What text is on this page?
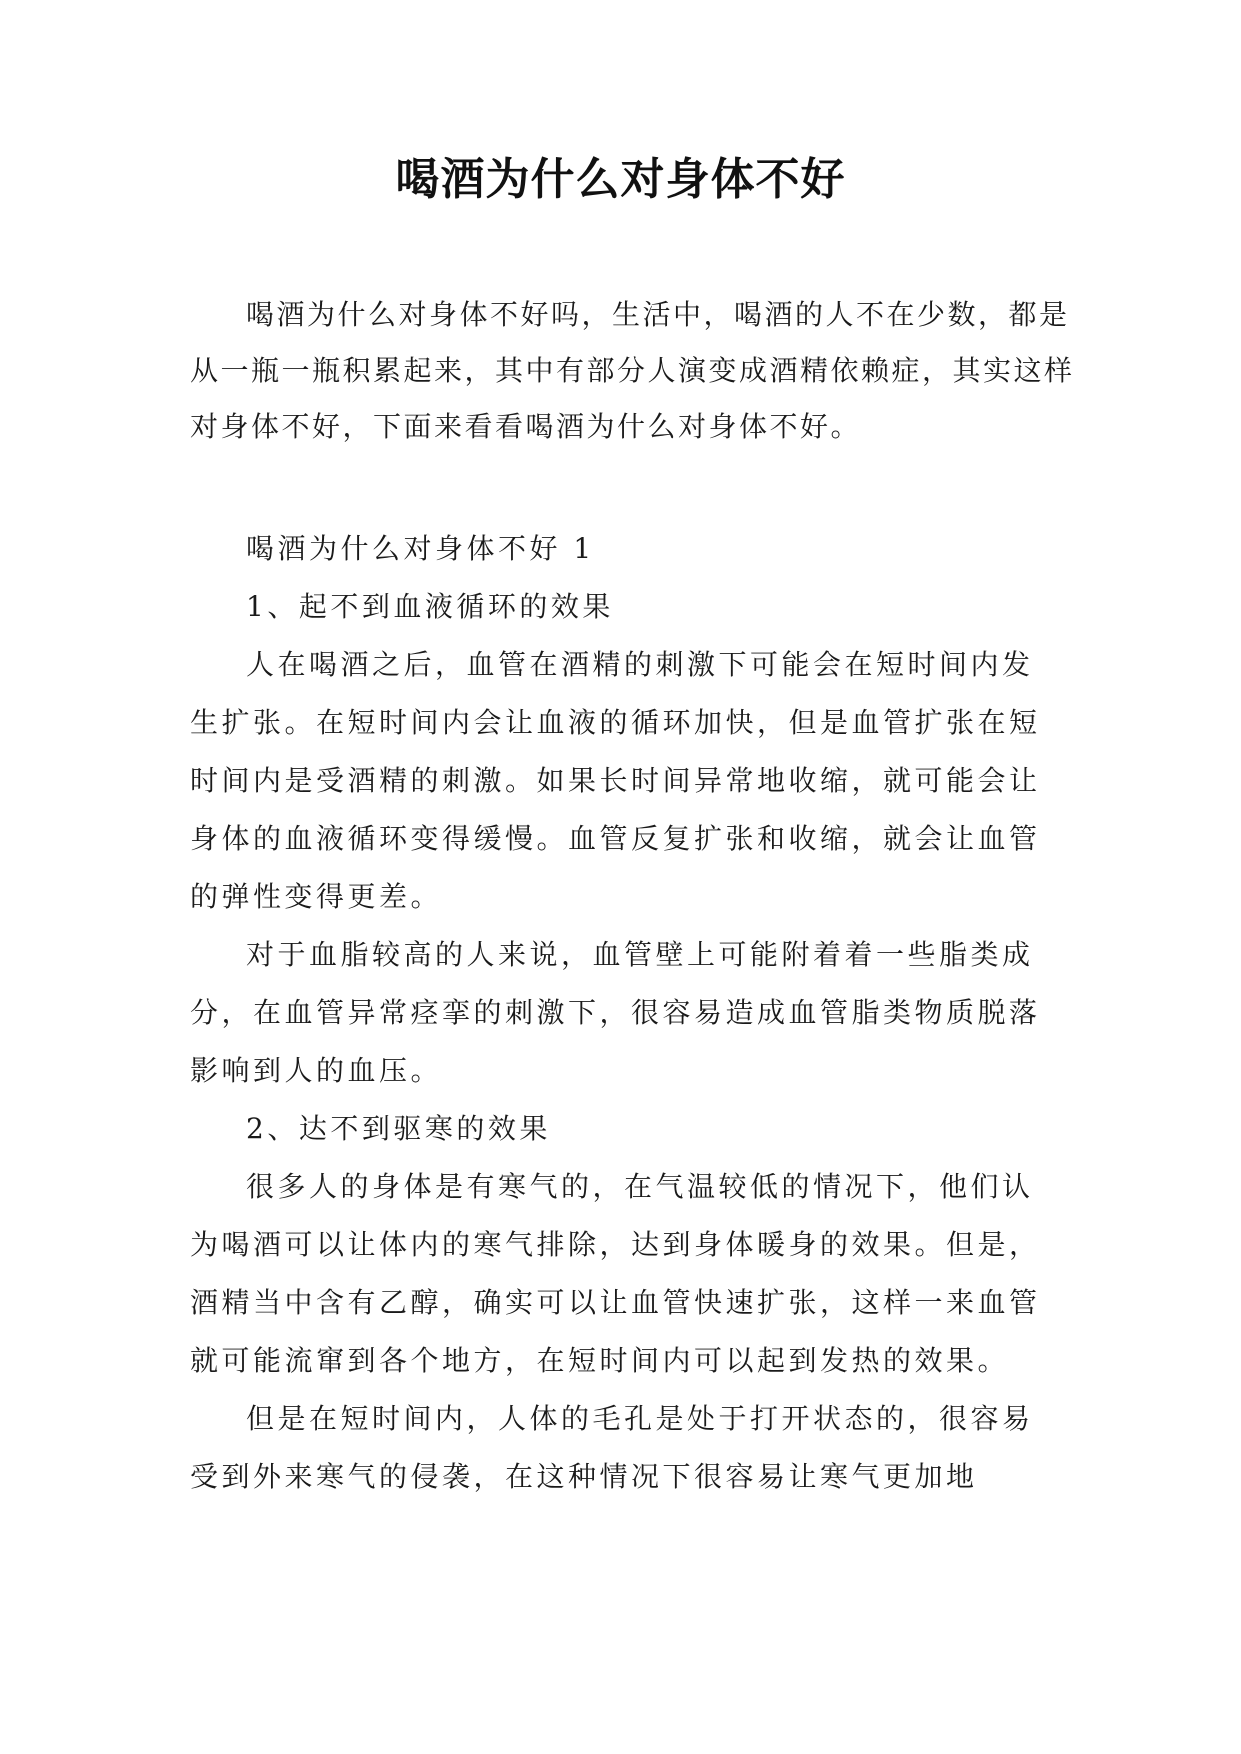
喝酒为什么对身体不好

喝酒为什么对身体不好吗，生活中，喝酒的人不在少数，都是从一瓶一瓶积累起来，其中有部分人演变成酒精依赖症，其实这样对身体不好，下面来看看喝酒为什么对身体不好。

喝酒为什么对身体不好 1

1、起不到血液循环的效果

人在喝酒之后，血管在酒精的刺激下可能会在短时间内发生扩张。在短时间内会让血液的循环加快，但是血管扩张在短时间内是受酒精的刺激。如果长时间异常地收缩，就可能会让身体的血液循环变得缓慢。血管反复扩张和收缩，就会让血管的弹性变得更差。

对于血脂较高的人来说，血管壁上可能附着着一些脂类成分，在血管异常痉挛的刺激下，很容易造成血管脂类物质脱落影响到人的血压。

2、达不到驱寒的效果

很多人的身体是有寒气的，在气温较低的情况下，他们认为喝酒可以让体内的寒气排除，达到身体暖身的效果。但是，酒精当中含有乙醇，确实可以让血管快速扩张，这样一来血管就可能流窜到各个地方，在短时间内可以起到发热的效果。

但是在短时间内，人体的毛孔是处于打开状态的，很容易受到外来寒气的侵袭，在这种情况下很容易让寒气更加地
